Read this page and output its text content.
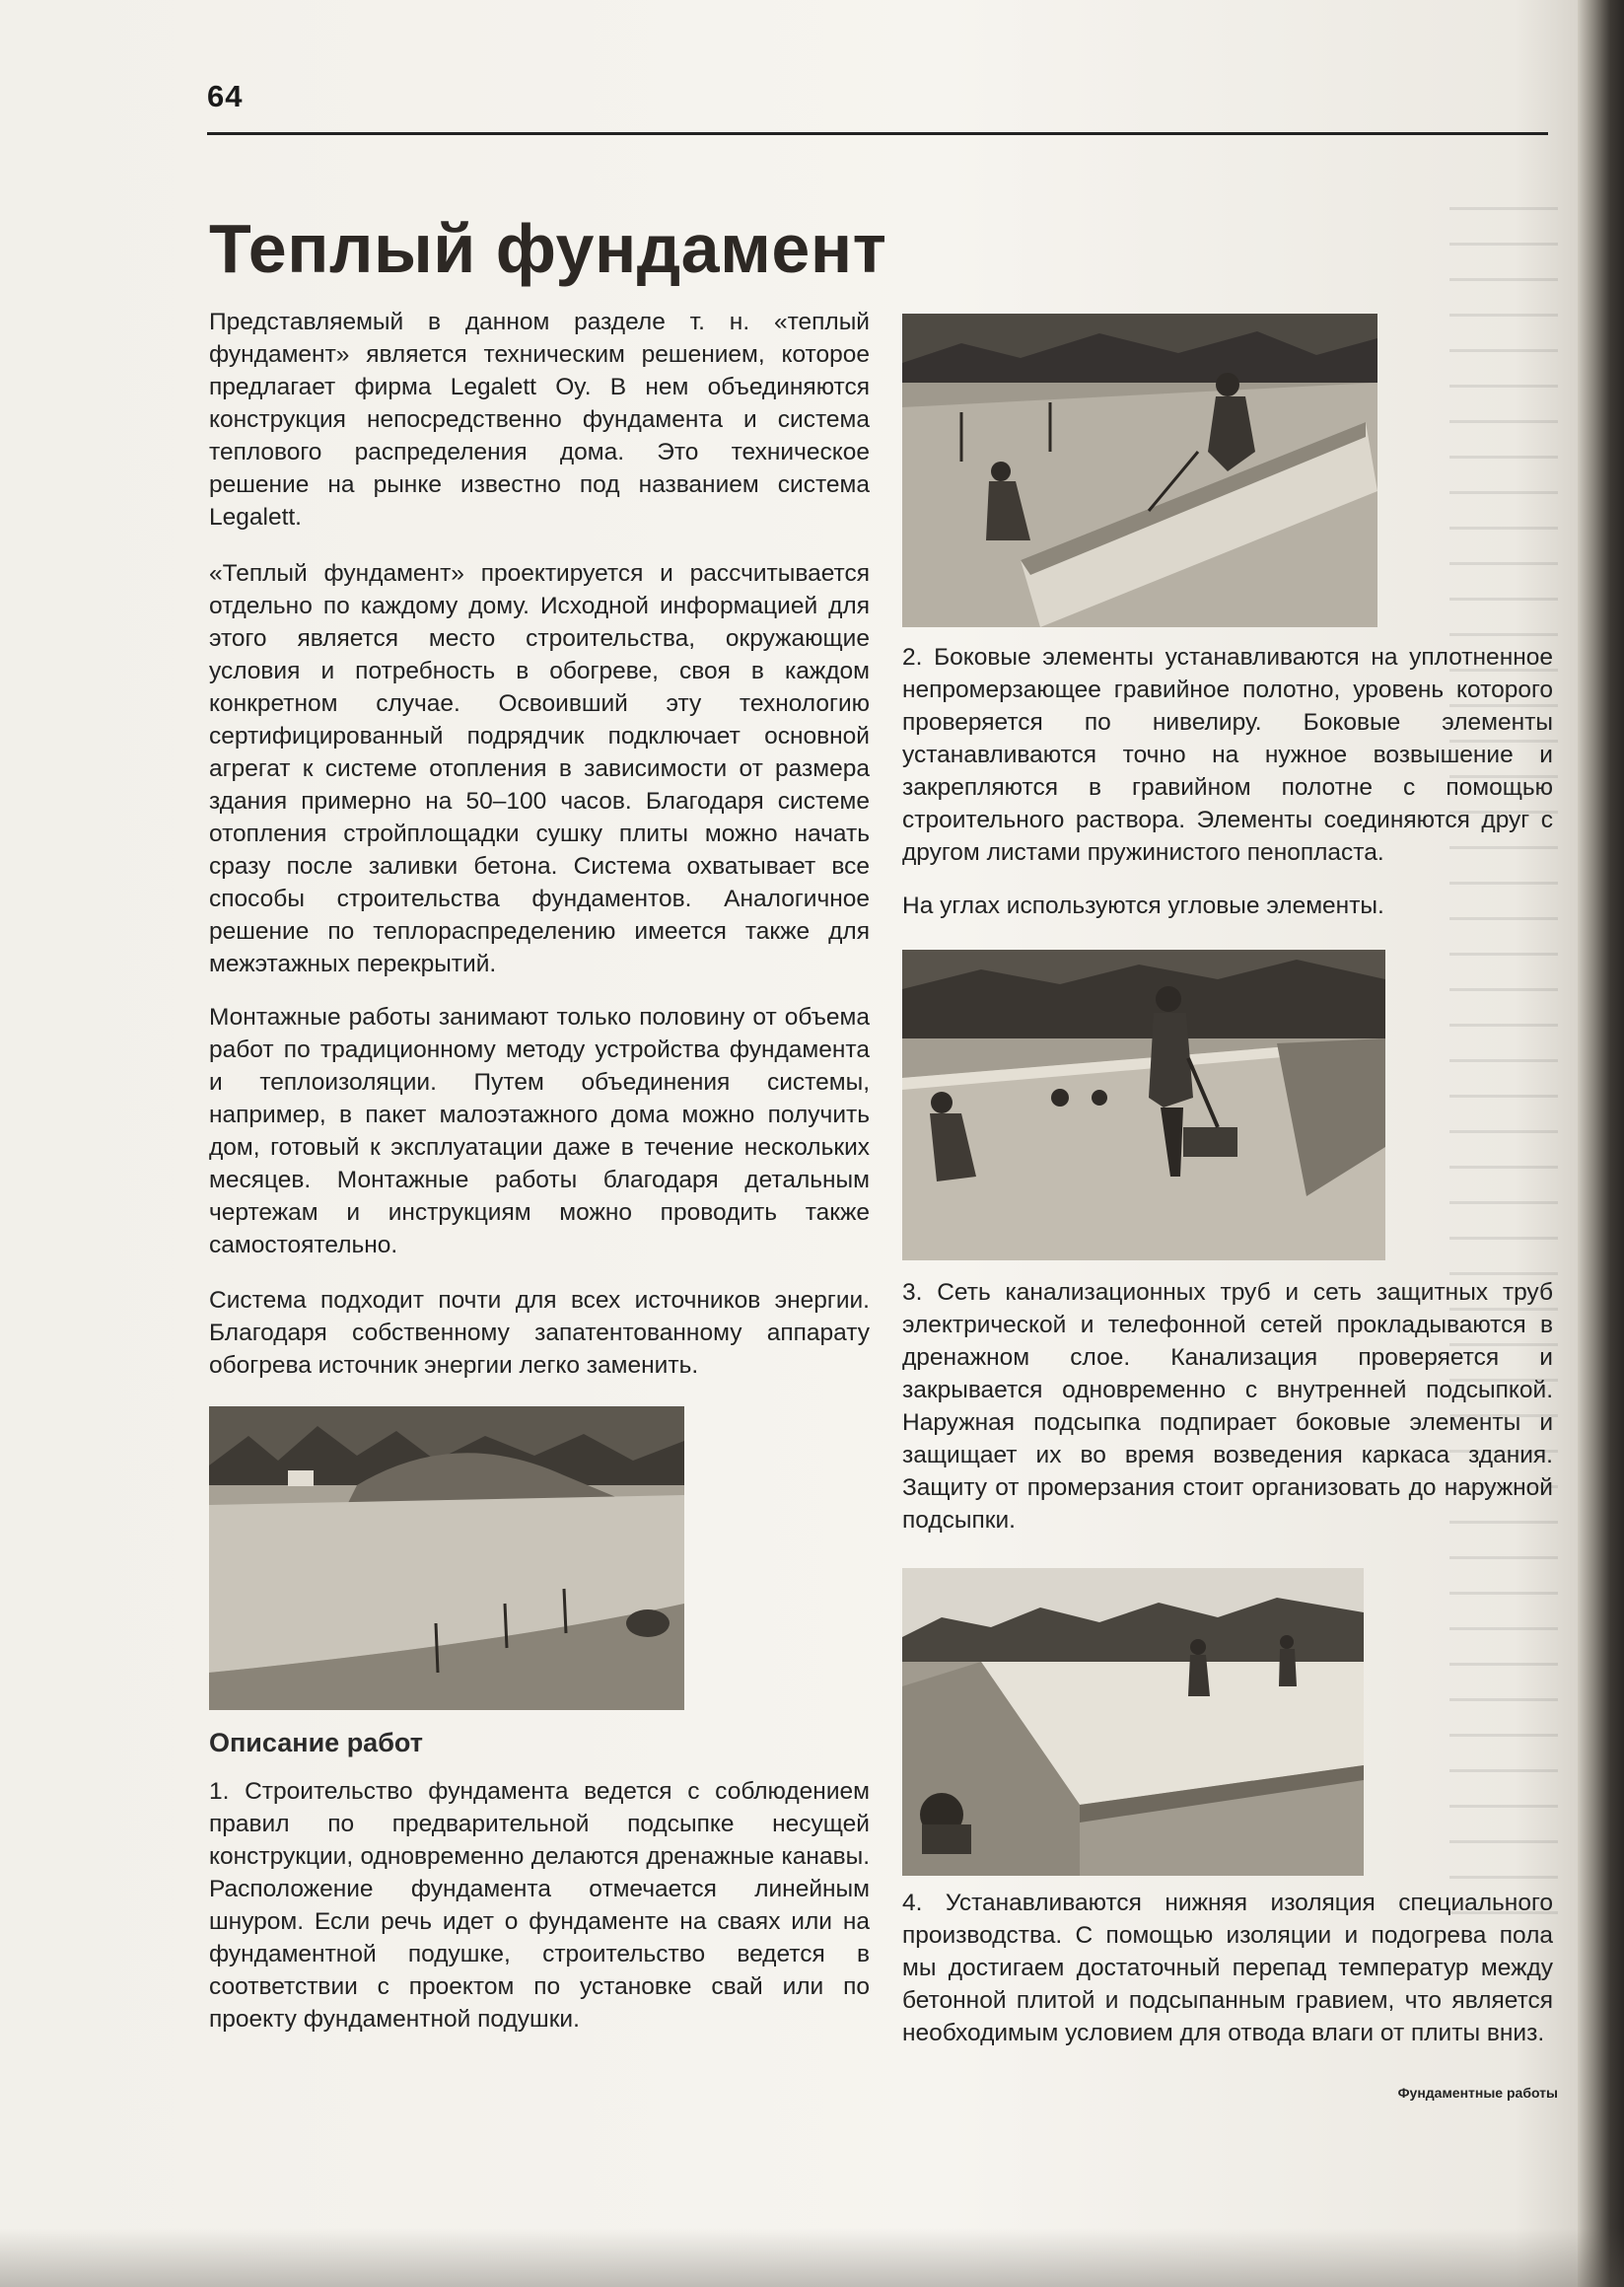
64
Теплый фундамент

Представляемый в данном разделе т. н. «теплый фундамент» является техническим решением, которое предлагает фирма Legalett Oy. В нем объединяются конструкция непосредственно фундамента и система теплового распределения дома. Это техническое решение на рынке известно под названием система Legalett.

«Теплый фундамент» проектируется и рассчитывается отдельно по каждому дому. Исходной информацией для этого является место строительства, окружающие условия и потребность в обогреве, своя в каждом конкретном случае. Освоивший эту технологию сертифицированный подрядчик подключает основной агрегат к системе отопления в зависимости от размера здания примерно на 50–100 часов. Благодаря системе отопления стройплощадки сушку плиты можно начать сразу после заливки бетона. Система охватывает все способы строительства фундаментов. Аналогичное решение по теплораспределению имеется также для межэтажных перекрытий.

Монтажные работы занимают только половину от объема работ по традиционному методу устройства фундамента и теплоизоляции. Путем объединения системы, например, в пакет малоэтажного дома можно получить дом, готовый к эксплуатации даже в течение нескольких месяцев. Монтажные работы благодаря детальным чертежам и инструкциям можно проводить также самостоятельно.

Система подходит почти для всех источников энергии. Благодаря собственному запатентованному аппарату обогрева источник энергии легко заменить.

Описание работ

1. Строительство фундамента ведется с соблюдением правил по предварительной подсыпке несущей конструкции, одновременно делаются дренажные канавы. Расположение фундамента отмечается линейным шнуром. Если речь идет о фундаменте на сваях или на фундаментной подушке, строительство ведется в соответствии с проектом по установке свай или по проекту фундаментной подушки.

2. Боковые элементы устанавливаются на уплотненное непромерзающее гравийное полотно, уровень которого проверяется по нивелиру. Боковые элементы устанавливаются точно на нужное возвышение и закрепляются в гравийном полотне с помощью строительного раствора. Элементы соединяются друг с другом листами пружинистого пенопласта.

На углах используются угловые элементы.

3. Сеть канализационных труб и сеть защитных труб электрической и телефонной сетей прокладываются в дренажном слое. Канализация проверяется и закрывается одновременно с внутренней подсыпкой. Наружная подсыпка подпирает боковые элементы и защищает их во время возведения каркаса здания. Защиту от промерзания стоит организовать до наружной подсыпки.

4. Устанавливаются нижняя изоляция специального производства. С помощью изоляции и подогрева пола мы достигаем достаточный перепад температур между бетонной плитой и подсыпанным гравием, что является необходимым условием для отвода влаги от плиты вниз.

Фундаментные работы
